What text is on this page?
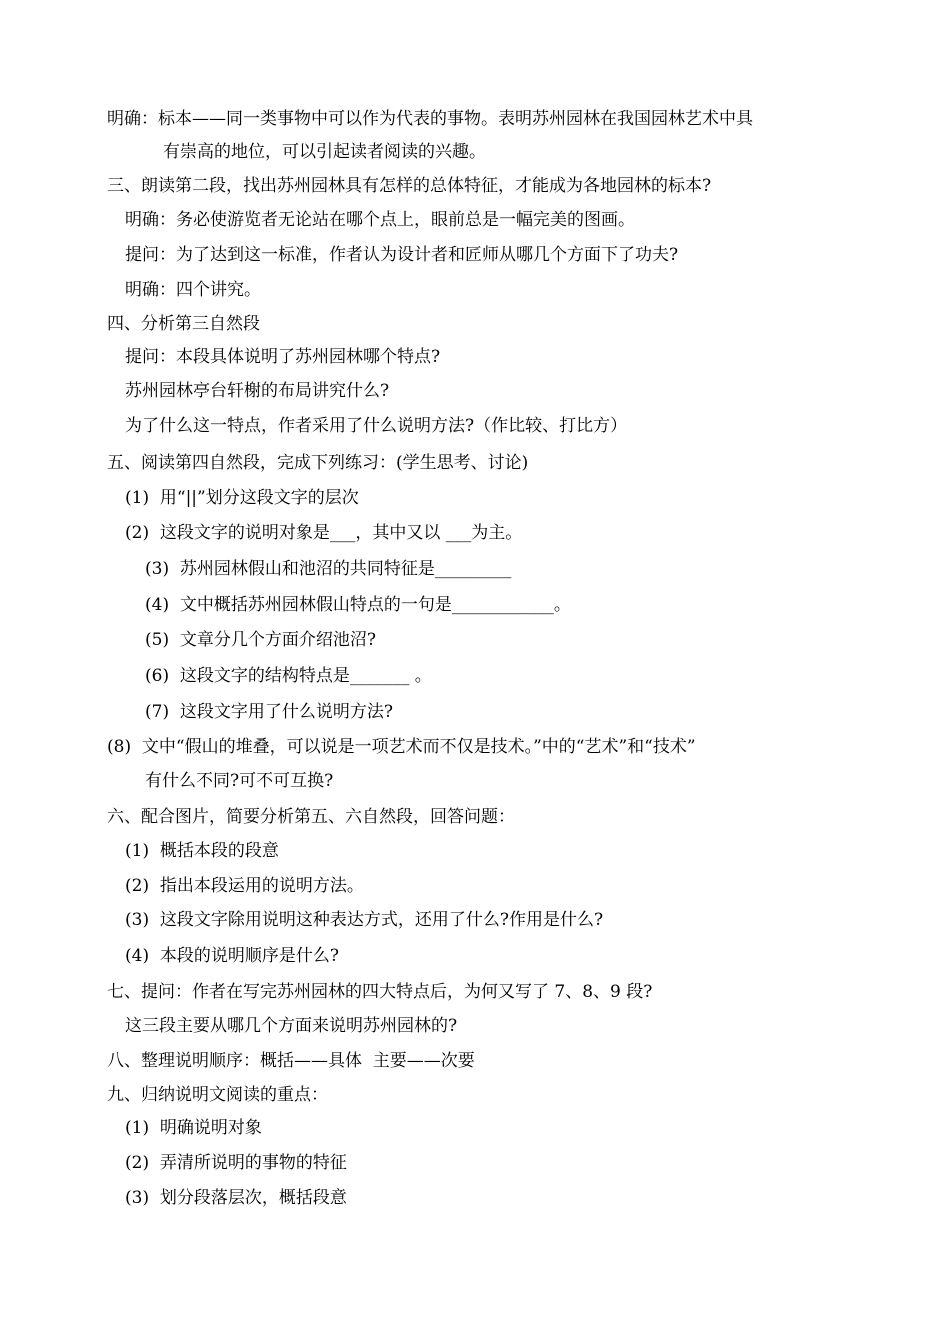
明确：标本——同一类事物中可以作为代表的事物。表明苏州园林在我国园林艺术中具
有崇高的地位，可以引起读者阅读的兴趣。
三、朗读第二段，找出苏州园林具有怎样的总体特征，才能成为各地园林的标本?
明确：务必使游览者无论站在哪个点上，眼前总是一幅完美的图画。
提问：为了达到这一标准，作者认为设计者和匠师从哪几个方面下了功夫?
明确：四个讲究。
四、分析第三自然段
提问：本段具体说明了苏州园林哪个特点?
苏州园林亭台轩榭的布局讲究什么?
为了什么这一特点，作者采用了什么说明方法?（作比较、打比方）
五、阅读第四自然段，完成下列练习：(学生思考、讨论)
(1)  用“||”划分这段文字的层次
(2)  这段文字的说明对象是___，其中又以 ___为主。
(3)  苏州园林假山和池沼的共同特征是_________
(4)  文中概括苏州园林假山特点的一句是____________。
(5)  文章分几个方面介绍池沼?
(6)  这段文字的结构特点是_______ 。
(7)  这段文字用了什么说明方法?
(8)  文中“假山的堆叠，可以说是一项艺术而不仅是技术。”中的“艺术”和“技术”
有什么不同?可不可互换?
六、配合图片，简要分析第五、六自然段，回答问题：
(1)  概括本段的段意
(2)  指出本段运用的说明方法。
(3)  这段文字除用说明这种表达方式，还用了什么?作用是什么?
(4)  本段的说明顺序是什么?
七、提问：作者在写完苏州园林的四大特点后，为何又写了 7、8、9 段?
这三段主要从哪几个方面来说明苏州园林的?
八、整理说明顺序：概括——具体  主要——次要
九、归纳说明文阅读的重点：
(1)  明确说明对象
(2)  弄清所说明的事物的特征
(3)  划分段落层次，概括段意
